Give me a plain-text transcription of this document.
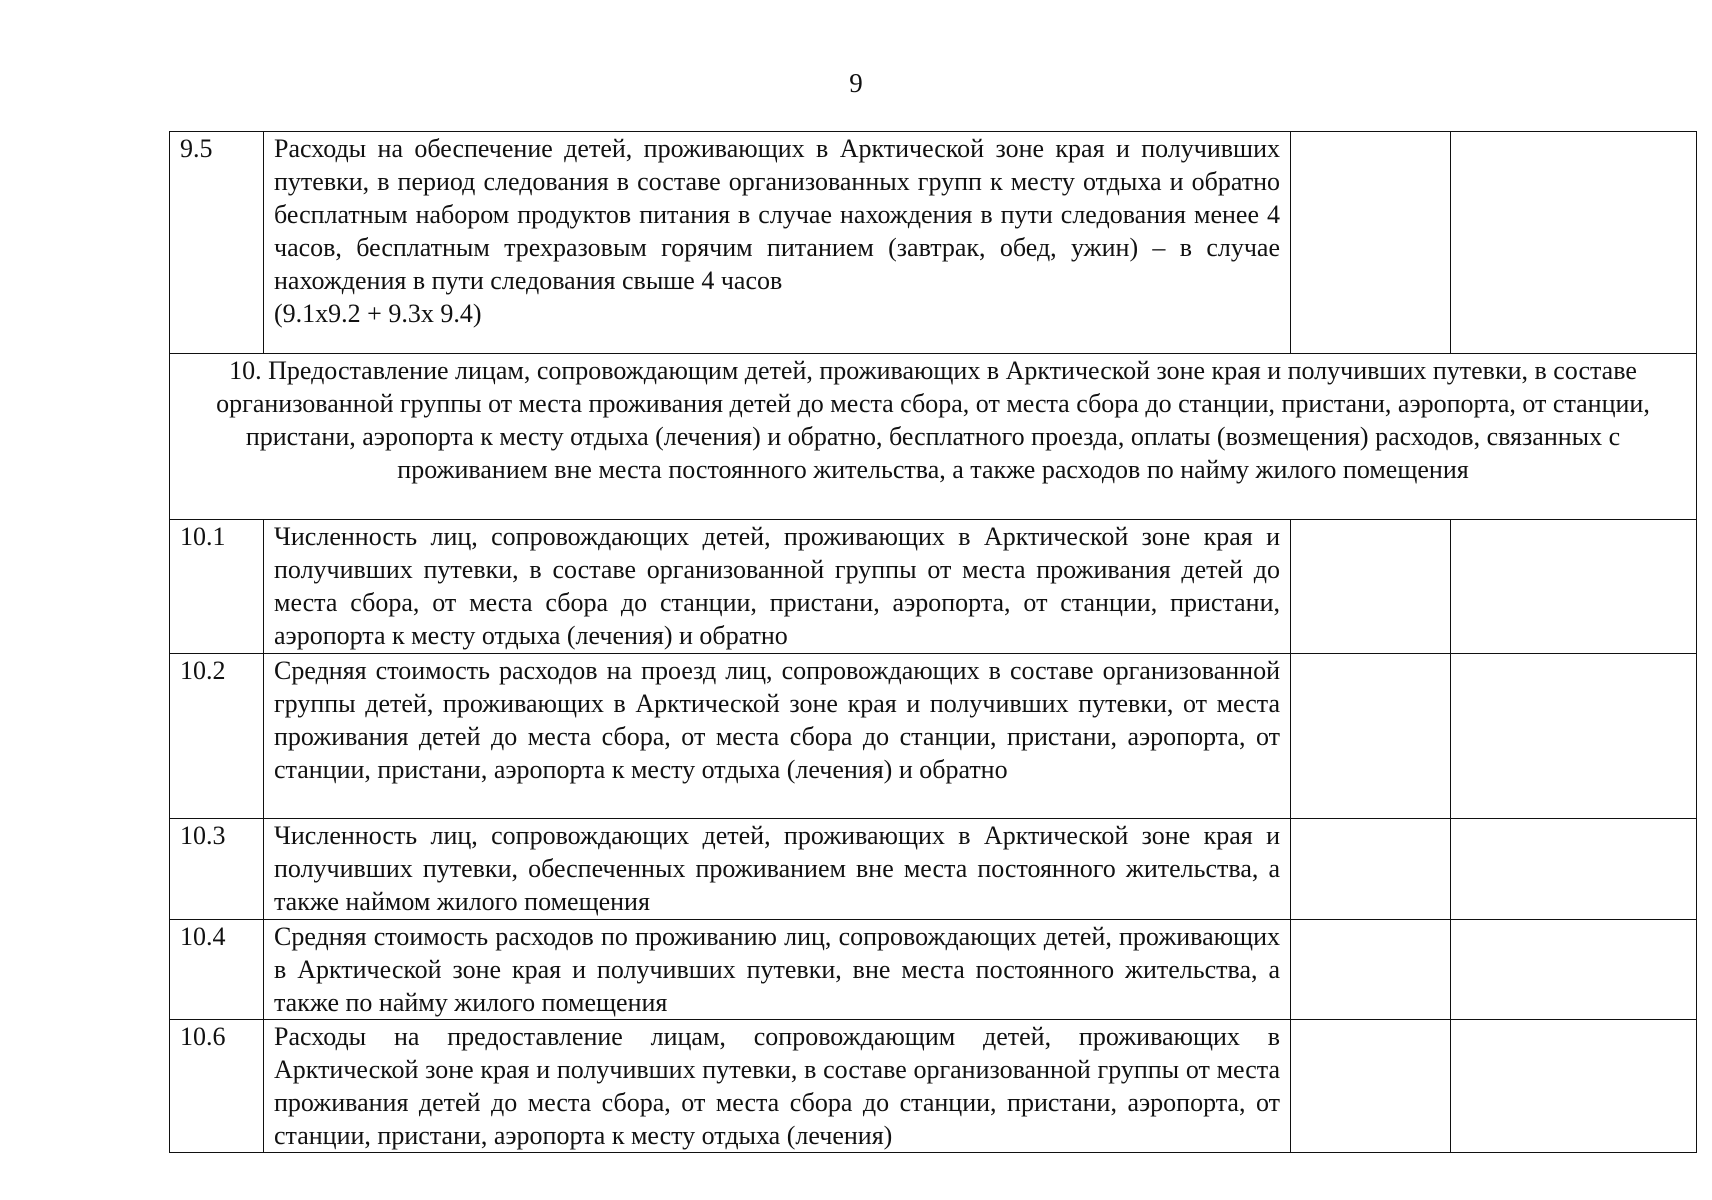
9
9.5	Расходы на обеспечение детей, проживающих в Арктической зоне края и получивших путевки, в период следования в составе организованных групп к месту отдыха и обратно бесплатным набором продуктов питания в случае нахождения в пути следования менее 4 часов, бесплатным трехразовым горячим питанием (завтрак, обед, ужин) – в случае нахождения в пути следования свыше 4 часов
(9.1x9.2 + 9.3x 9.4)		

10. Предоставление лицам, сопровождающим детей, проживающих в Арктической зоне края и получивших путевки, в составе организованной группы от места проживания детей до места сбора, от места сбора до станции, пристани, аэропорта, от станции, пристани, аэропорта к месту отдыха (лечения) и обратно, бесплатного проезда, оплаты (возмещения) расходов, связанных с проживанием вне места постоянного жительства, а также расходов по найму жилого помещения			
10.1	Численность лиц, сопровождающих детей, проживающих в Арктической зоне края и получивших путевки, в составе организованной группы от места проживания детей до места сбора, от места сбора до станции, пристани, аэропорта, от станции, пристани, аэропорта к месту отдыха (лечения) и обратно		
10.2	Средняя стоимость расходов на проезд лиц, сопровождающих в составе организованной группы детей, проживающих в Арктической зоне края и получивших путевки, от места проживания детей до места сбора, от места сбора до станции, пристани, аэропорта, от станции, пристани, аэропорта к месту отдыха (лечения) и обратно		
10.3	Численность лиц, сопровождающих детей, проживающих в Арктической зоне края и получивших путевки, обеспеченных проживанием вне места постоянного жительства, а также наймом жилого помещения		
10.4	Средняя стоимость расходов по проживанию лиц, сопровождающих детей, проживающих в Арктической зоне края и получивших путевки, вне места постоянного жительства, а также по найму жилого помещения		
10.6	Расходы на предоставление лицам, сопровождающим детей, проживающих в Арктической зоне края и получивших путевки, в составе организованной группы от места проживания детей до места сбора, от места сбора до станции, пристани, аэропорта, от станции, пристани, аэропорта к месту отдыха (лечения)		
